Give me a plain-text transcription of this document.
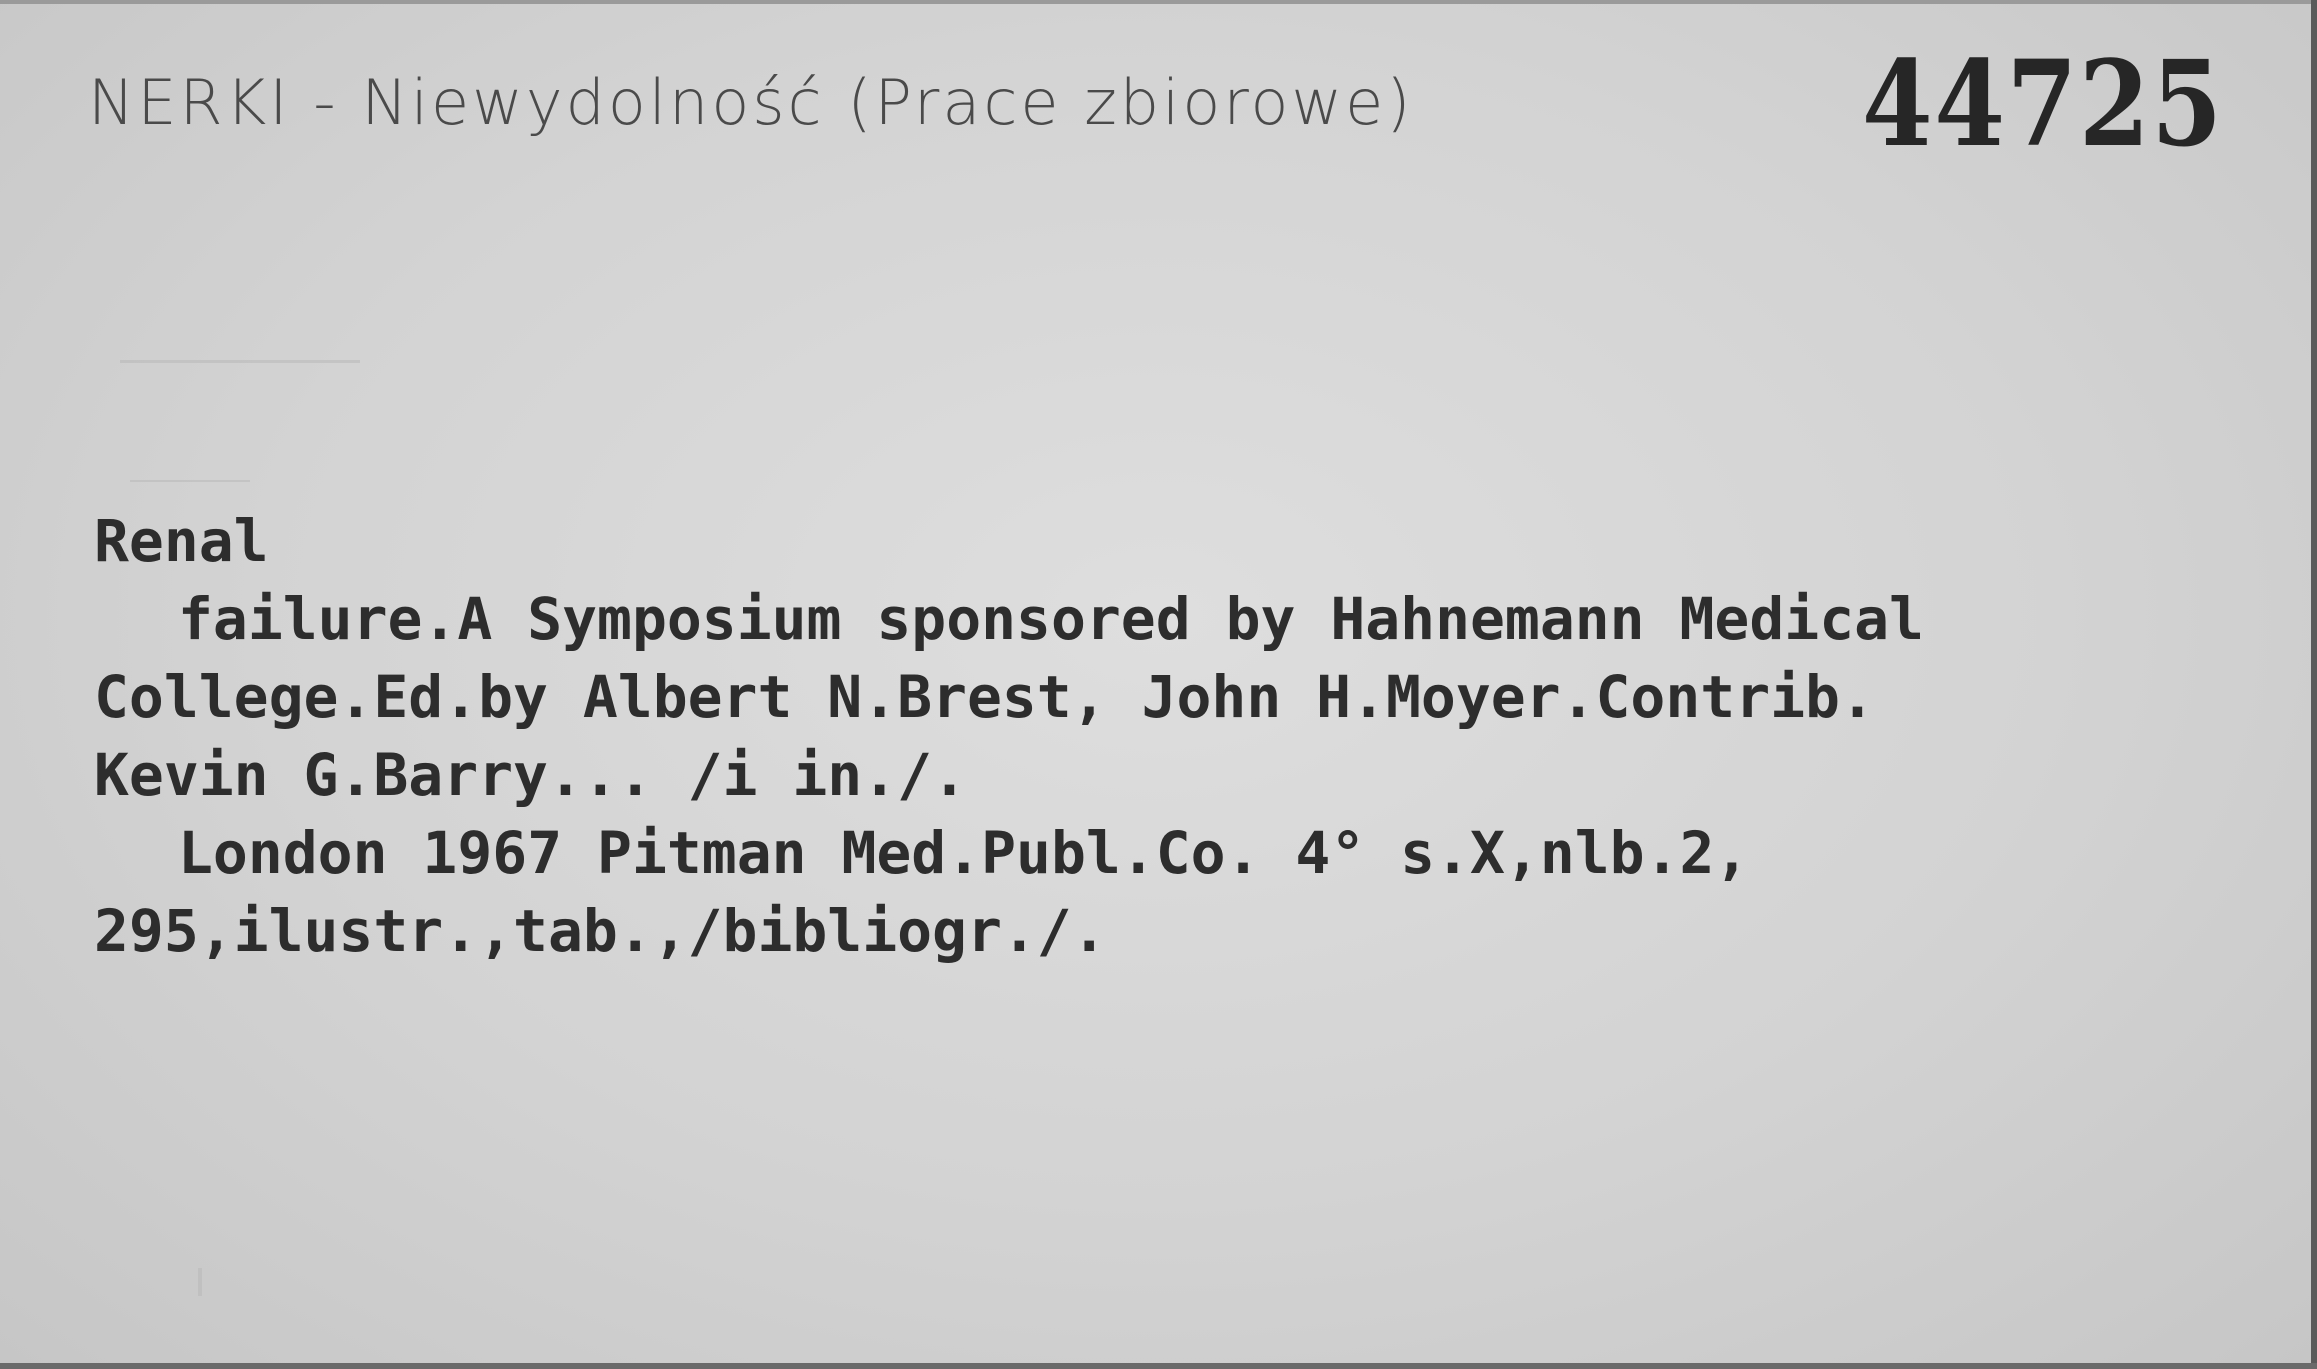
NERKI - Niewydolność (Prace zbiorowe)	44725
Renal
failure.A Symposium sponsored by Hahnemann Medical
College.Ed.by Albert N.Brest, John H.Moyer.Contrib.
Kevin G.Barry... /i in./.
London 1967 Pitman Med.Publ.Co. 4° s.X,nlb.2,
295,ilustr.,tab.,/bibliogr./.
